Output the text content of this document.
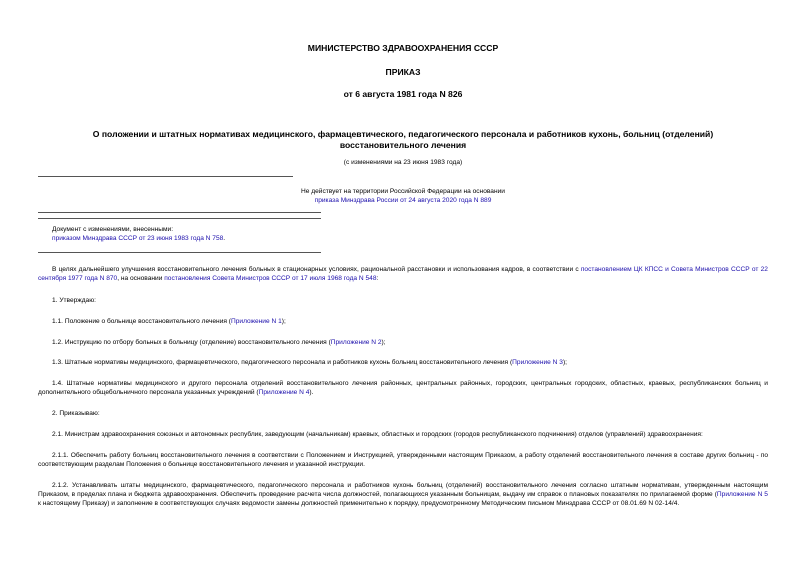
МИНИСТЕРСТВО ЗДРАВООХРАНЕНИЯ СССР
ПРИКАЗ
от 6 августа 1981 года N 826
О положении и штатных нормативах медицинского, фармацевтического, педагогического персонала и работников кухонь, больниц (отделений)
восстановительного лечения
(с изменениями на 23 июня 1983 года)
Не действует на территории Российской Федерации на основании
приказа Минздрава России от 24 августа 2020 года N 889
Документ с изменениями, внесенными:
приказом Минздрава СССР от 23 июня 1983 года N 758.
В целях дальнейшего улучшения восстановительного лечения больных в стационарных условиях, рациональной расстановки и использования кадров, в соответствии с постановлением ЦК КПСС и Совета Министров СССР от 22 сентября 1977 года N 870, на основании постановления Совета Министров СССР от 17 июля 1968 года N 548:
1. Утверждаю:
1.1. Положение о больнице восстановительного лечения (Приложение N 1);
1.2. Инструкцию по отбору больных в больницу (отделение) восстановительного лечения (Приложение N 2);
1.3. Штатные нормативы медицинского, фармацевтического, педагогического персонала и работников кухонь больниц восстановительного лечения (Приложение N 3);
1.4. Штатные нормативы медицинского и другого персонала отделений восстановительного лечения районных, центральных районных, городских, центральных городских, областных, краевых, республиканских больниц и дополнительного общебольничного персонала указанных учреждений (Приложение N 4).
2. Приказываю:
2.1. Министрам здравоохранения союзных и автономных республик, заведующим (начальникам) краевых, областных и городских (городов республиканского подчинения) отделов (управлений) здравоохранения:
2.1.1. Обеспечить работу больниц восстановительного лечения в соответствии с Положением и Инструкцией, утвержденными настоящим Приказом, а работу отделений восстановительного лечения в составе других больниц - по соответствующим разделам Положения о больнице восстановительного лечения и указанной инструкции.
2.1.2. Устанавливать штаты медицинского, фармацевтического, педагогического персонала и работников кухонь больниц (отделений) восстановительного лечения согласно штатным нормативам, утвержденным настоящим Приказом, в пределах плана и бюджета здравоохранения. Обеспечить проведение расчета числа должностей, полагающихся указанным больницам, выдачу им справок о плановых показателях по прилагаемой форме (Приложение N 5 к настоящему Приказу) и заполнение в соответствующих случаях ведомости замены должностей применительно к порядку, предусмотренному Методическим письмом Минздрава СССР от 08.01.69 N 02-14/4.
